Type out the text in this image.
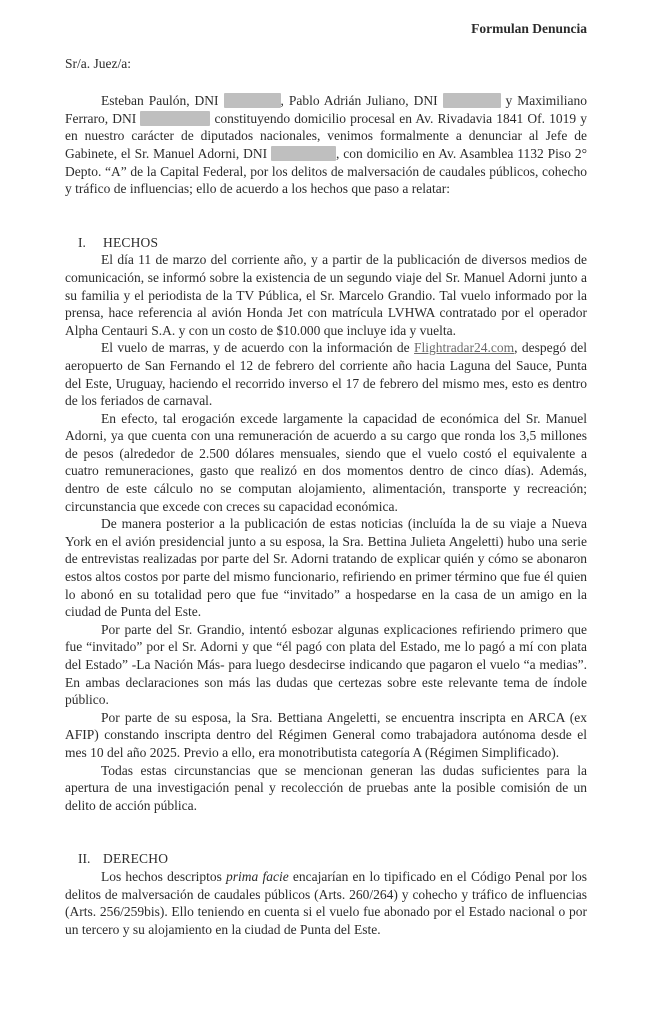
Formulan Denuncia
Sr/a. Juez/a:

Esteban Paulón, DNI	, Pablo Adrián Juliano, DNI	y Maximiliano Ferraro, DNI	constituyendo domicilio procesal en Av. Rivadavia 1841 Of. 1019 y en nuestro carácter de diputados nacionales, venimos formalmente a denunciar al Jefe de Gabinete, el Sr. Manuel Adorni, DNI	, con domicilio en Av. Asamblea 1132 Piso 2° Depto. “A” de la Capital Federal, por los delitos de malversación de caudales públicos, cohecho y tráfico de influencias; ello de acuerdo a los hechos que paso a relatar:

I.	HECHOS

El día 11 de marzo del corriente año, y a partir de la publicación de diversos medios de comunicación, se informó sobre la existencia de un segundo viaje del Sr. Manuel Adorni junto a su familia y el periodista de la TV Pública, el Sr. Marcelo Grandio. Tal vuelo informado por la prensa, hace referencia al avión Honda Jet con matrícula LVHWA contratado por el operador Alpha Centauri S.A. y con un costo de $10.000 que incluye ida y vuelta.

El vuelo de marras, y de acuerdo con la información de Flightradar24.com, despegó del aeropuerto de San Fernando el 12 de febrero del corriente año hacia Laguna del Sauce, Punta del Este, Uruguay, haciendo el recorrido inverso el 17 de febrero del mismo mes, esto es dentro de los feriados de carnaval.

En efecto, tal erogación excede largamente la capacidad de económica del Sr. Manuel Adorni, ya que cuenta con una remuneración de acuerdo a su cargo que ronda los 3,5 millones de pesos (alrededor de 2.500 dólares mensuales, siendo que el vuelo costó el equivalente a cuatro remuneraciones, gasto que realizó en dos momentos dentro de cinco días). Además, dentro de este cálculo no se computan alojamiento, alimentación, transporte y recreación; circunstancia que excede con creces su capacidad económica.

De manera posterior a la publicación de estas noticias (incluída la de su viaje a Nueva York en el avión presidencial junto a su esposa, la Sra. Bettina Julieta Angeletti) hubo una serie de entrevistas realizadas por parte del Sr. Adorni tratando de explicar quién y cómo se abonaron estos altos costos por parte del mismo funcionario, refiriendo en primer término que fue él quien lo abonó en su totalidad pero que fue “invitado” a hospedarse en la casa de un amigo en la ciudad de Punta del Este.

Por parte del Sr. Grandio, intentó esbozar algunas explicaciones refiriendo primero que fue “invitado” por el Sr. Adorni y que “él pagó con plata del Estado, me lo pagó a mí con plata del Estado” -La Nación Más- para luego desdecirse indicando que pagaron el vuelo “a medias”. En ambas declaraciones son más las dudas que certezas sobre este relevante tema de índole público.

Por parte de su esposa, la Sra. Bettiana Angeletti, se encuentra inscripta en ARCA (ex AFIP) constando inscripta dentro del Régimen General como trabajadora autónoma desde el mes 10 del año 2025. Previo a ello, era monotributista categoría A (Régimen Simplificado).

Todas estas circunstancias que se mencionan generan las dudas suficientes para la apertura de una investigación penal y recolección de pruebas ante la posible comisión de un delito de acción pública.

II. DERECHO

Los hechos descriptos prima facie encajarían en lo tipificado en el Código Penal por los delitos de malversación de caudales públicos (Arts. 260/264) y cohecho y tráfico de influencias (Arts. 256/259bis). Ello teniendo en cuenta si el vuelo fue abonado por el Estado nacional o por un tercero y su alojamiento en la ciudad de Punta del Este.
